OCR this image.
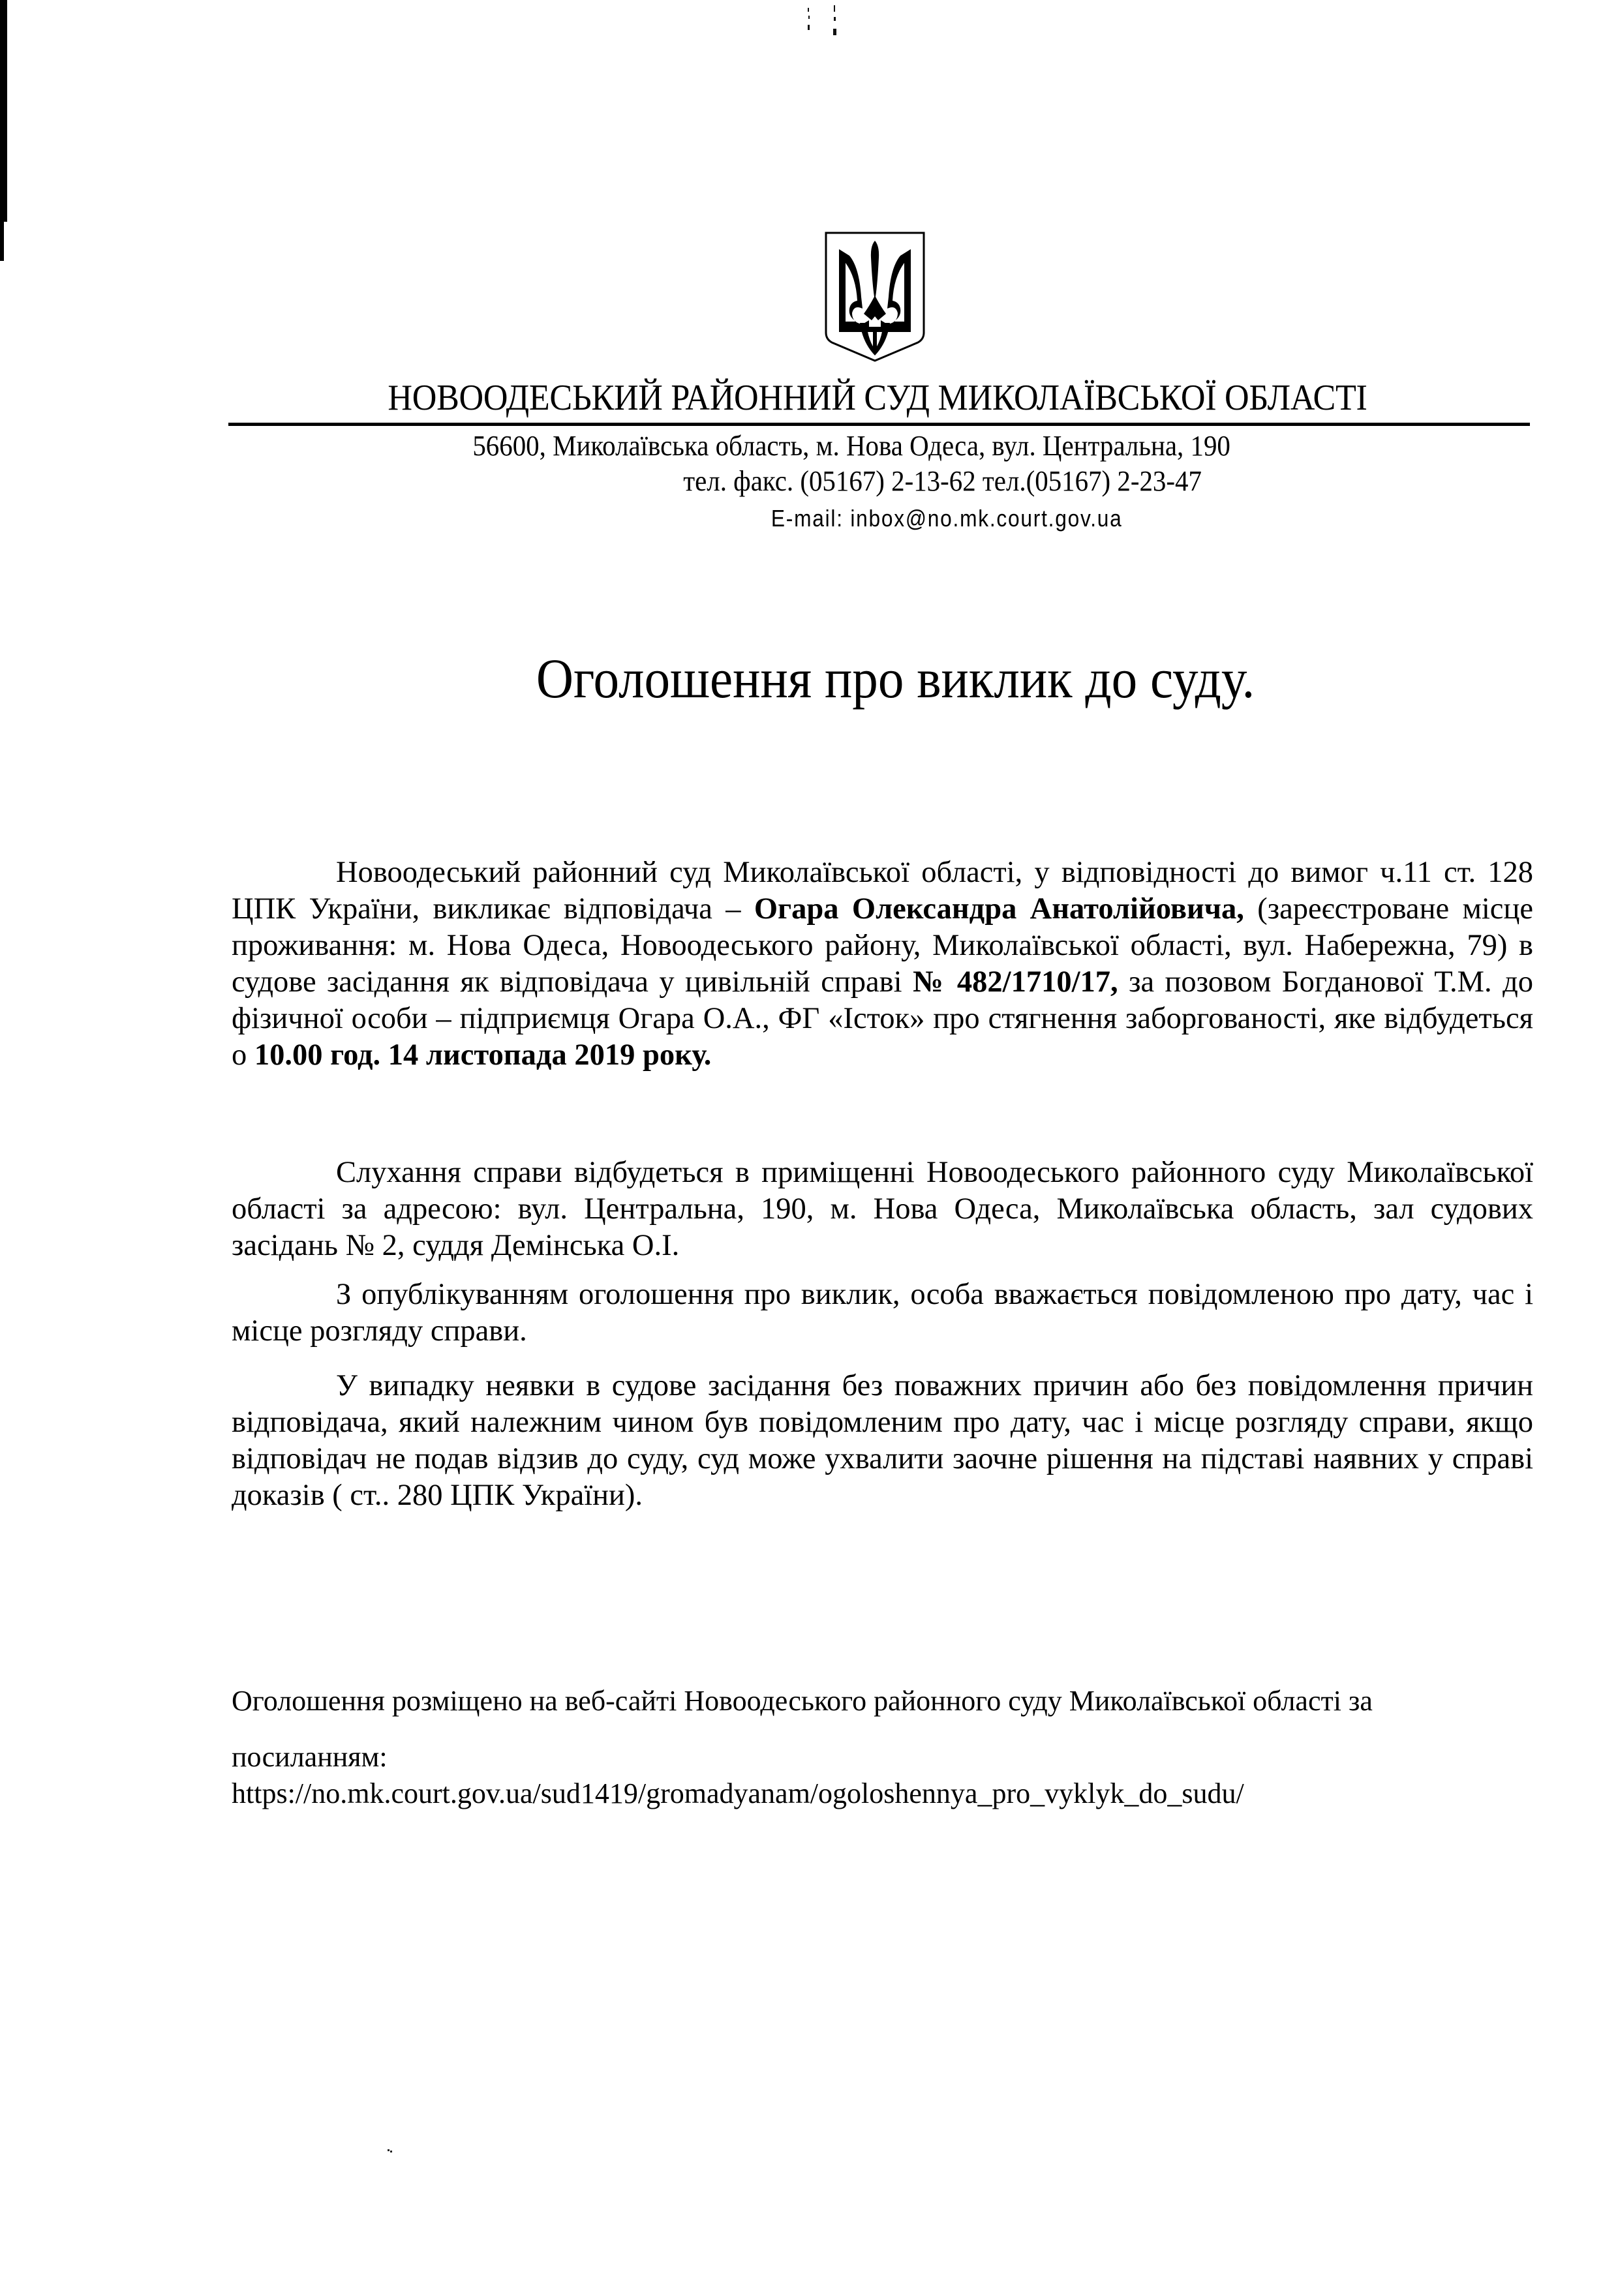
НОВООДЕСЬКИЙ РАЙОННИЙ СУД МИКОЛАЇВСЬКОЇ ОБЛАСТІ
56600, Миколаївська область, м. Нова Одеса, вул. Центральна, 190
тел. факс. (05167) 2-13-62 тел.(05167) 2-23-47
E-mail: inbox@no.mk.court.gov.ua
Оголошення про виклик до суду.

Новоодеський районний суд Миколаївської області, у відповідності до вимог ч.11 ст. 128 ЦПК України, викликає відповідача – Огара Олександра Анатолійовича, (зареєстроване місце проживання: м. Нова Одеса, Новоодеського району, Миколаївської області, вул. Набережна, 79) в судове засідання як відповідача у цивільній справі № 482/1710/17, за позовом Богданової Т.М. до фізичної особи – підприємця Огара О.А., ФГ «Істок» про стягнення заборгованості, яке відбудеться о 10.00 год. 14 листопада 2019 року.

Слухання справи відбудеться в приміщенні Новоодеського районного суду Миколаївської області за адресою: вул. Центральна, 190, м. Нова Одеса, Миколаївська область, зал судових засідань № 2, суддя Демінська О.І.

З опублікуванням оголошення про виклик, особа вважається повідомленою про дату, час і місце розгляду справи.

У випадку неявки в судове засідання без поважних причин або без повідомлення причин відповідача, який належним чином був повідомленим про дату, час і місце розгляду справи, якщо відповідач не подав відзив до суду, суд може ухвалити заочне рішення на підставі наявних у справі доказів ( ст.. 280 ЦПК України).

Оголошення розміщено на веб-сайті Новоодеського районного суду Миколаївської області за посиланням:
https://no.mk.court.gov.ua/sud1419/gromadyanam/ogoloshennya_pro_vyklyk_do_sudu/
